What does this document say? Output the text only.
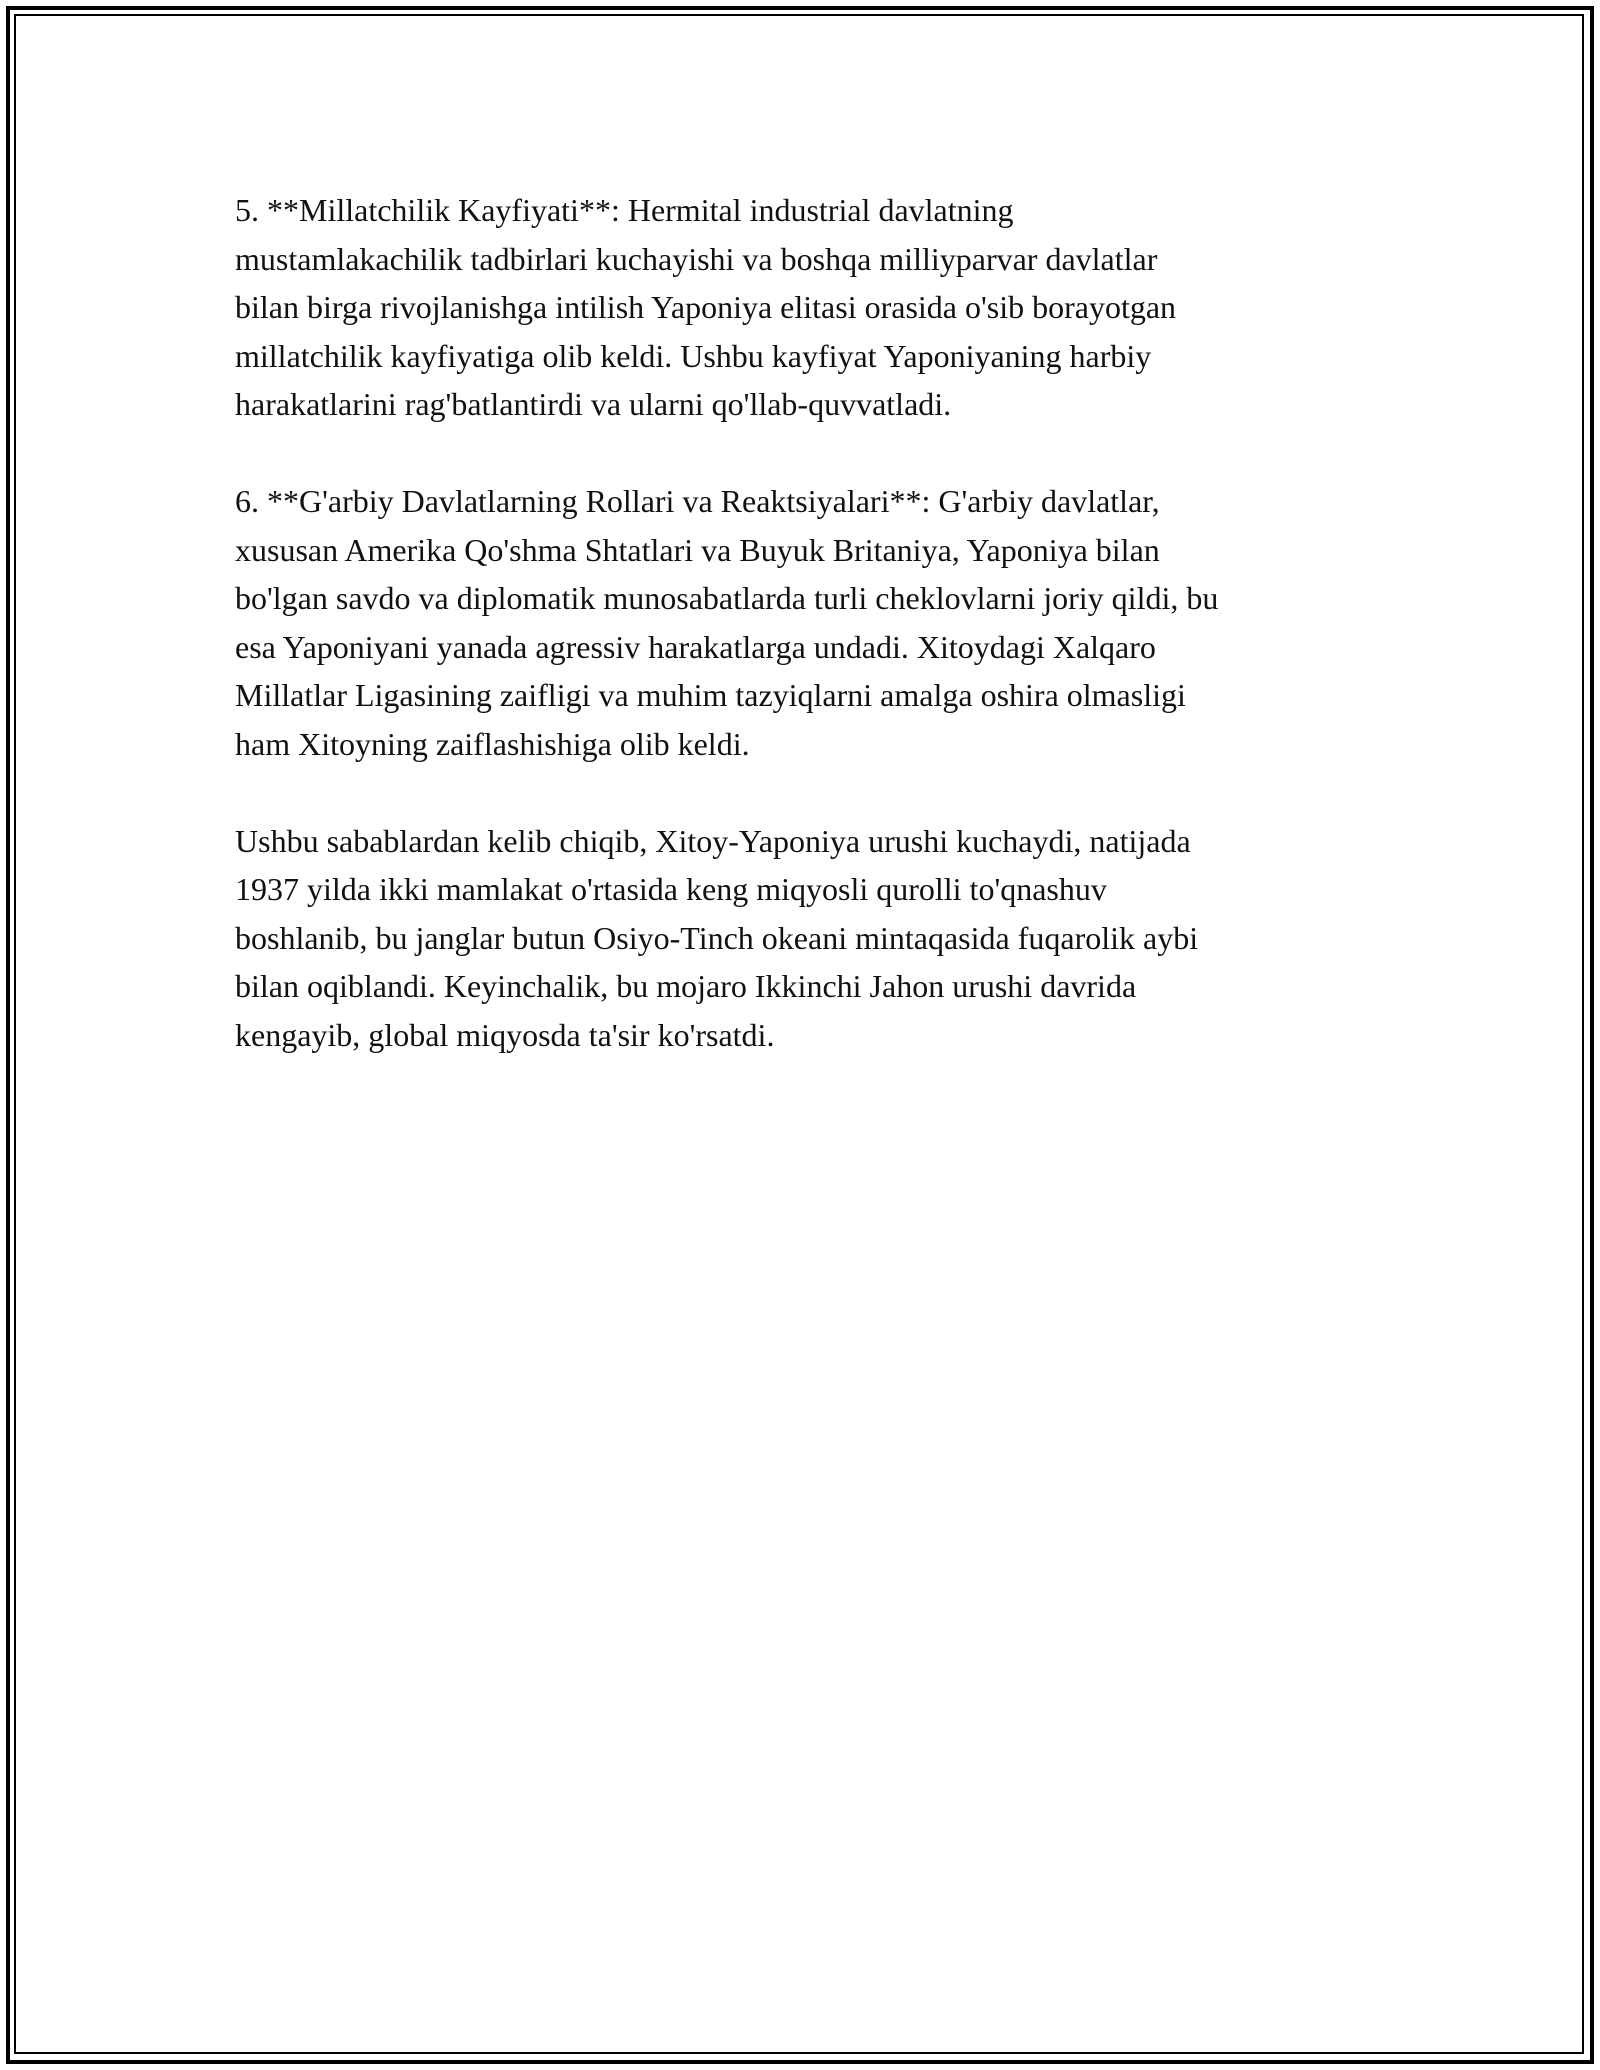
5. **Millatchilik Kayfiyati**: Hermital industrial davlatning
mustamlakachilik tadbirlari kuchayishi va boshqa milliyparvar davlatlar
bilan birga rivojlanishga intilish Yaponiya elitasi orasida o'sib borayotgan
millatchilik kayfiyatiga olib keldi. Ushbu kayfiyat Yaponiyaning harbiy
harakatlarini rag'batlantirdi va ularni qo'llab-quvvatladi.

6. **G'arbiy Davlatlarning Rollari va Reaktsiyalari**: G'arbiy davlatlar,
xususan Amerika Qo'shma Shtatlari va Buyuk Britaniya, Yaponiya bilan
bo'lgan savdo va diplomatik munosabatlarda turli cheklovlarni joriy qildi, bu
esa Yaponiyani yanada agressiv harakatlarga undadi. Xitoydagi Xalqaro
Millatlar Ligasining zaifligi va muhim tazyiqlarni amalga oshira olmasligi
ham Xitoyning zaiflashishiga olib keldi.

Ushbu sabablardan kelib chiqib, Xitoy-Yaponiya urushi kuchaydi, natijada
1937 yilda ikki mamlakat o'rtasida keng miqyosli qurolli to'qnashuv
boshlanib, bu janglar butun Osiyo-Tinch okeani mintaqasida fuqarolik aybi
bilan oqiblandi. Keyinchalik, bu mojaro Ikkinchi Jahon urushi davrida
kengayib, global miqyosda ta'sir ko'rsatdi.
